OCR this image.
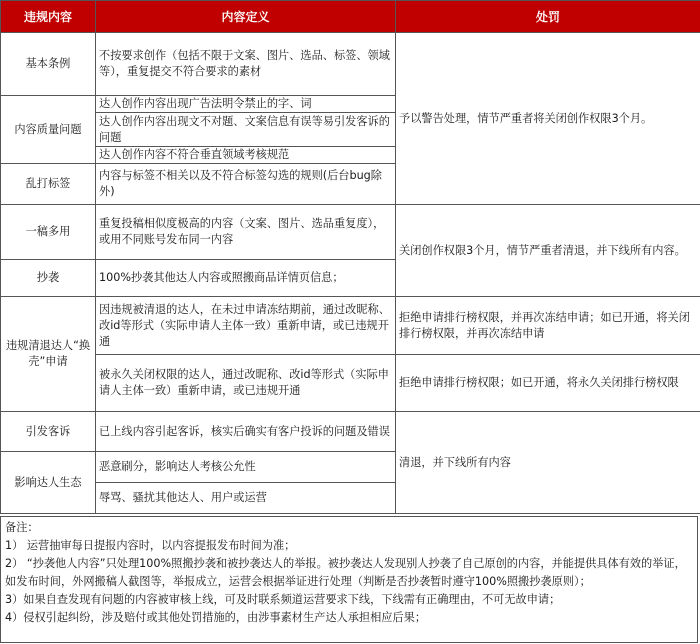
违规内容	内容定义	处罚
基本条例	不按要求创作（包括不限于文案、图片、选品、标签、领域等），重复提交不符合要求的素材	予以警告处理，情节严重者将关闭创作权限3个月。
内容质量问题	达人创作内容出现广告法明令禁止的字、词	
	达人创作内容出现文不对题、文案信息有误等易引发客诉的问题	
	达人创作内容不符合垂直领域考核规范	
乱打标签	内容与标签不相关以及不符合标签勾选的规则(后台bug除外)	
一稿多用	重复投稿相似度极高的内容（文案、图片、选品重复度），或用不同账号发布同一内容	关闭创作权限3个月，情节严重者清退，并下线所有内容。
抄袭	100%抄袭其他达人内容或照搬商品详情页信息；	
违规清退达人“换壳”申请	因违规被清退的达人，在未过申请冻结期前，通过改昵称、改id等形式（实际申请人主体一致）重新申请，或已违规开通	拒绝申请排行榜权限，并再次冻结申请；如已开通，将关闭排行榜权限，并再次冻结申请
	被永久关闭权限的达人，通过改昵称、改id等形式（实际申请人主体一致）重新申请，或已违规开通	拒绝申请排行榜权限；如已开通，将永久关闭排行榜权限
引发客诉	已上线内容引起客诉，核实后确实有客户投诉的问题及错误	清退，并下线所有内容
影响达人生态	恶意刷分，影响达人考核公允性	
	辱骂、骚扰其他达人、用户或运营	
备注：
1） 运营抽审每日提报内容时，以内容提报发布时间为准；
2） “抄袭他人内容”只处理100%照搬抄袭和被抄袭达人的举报。被抄袭达人发现别人抄袭了自己原创的内容，并能提供具体有效的举证，如发布时间，外网搬稿人截图等，举报成立，运营会根据举证进行处理（判断是否抄袭暂时遵守100%照搬抄袭原则）；
3）如果自查发现有问题的内容被审核上线，可及时联系频道运营要求下线，下线需有正确理由，不可无故申请；
4）侵权引起纠纷，涉及赔付或其他处罚措施的，由涉事素材生产达人承担相应后果；
